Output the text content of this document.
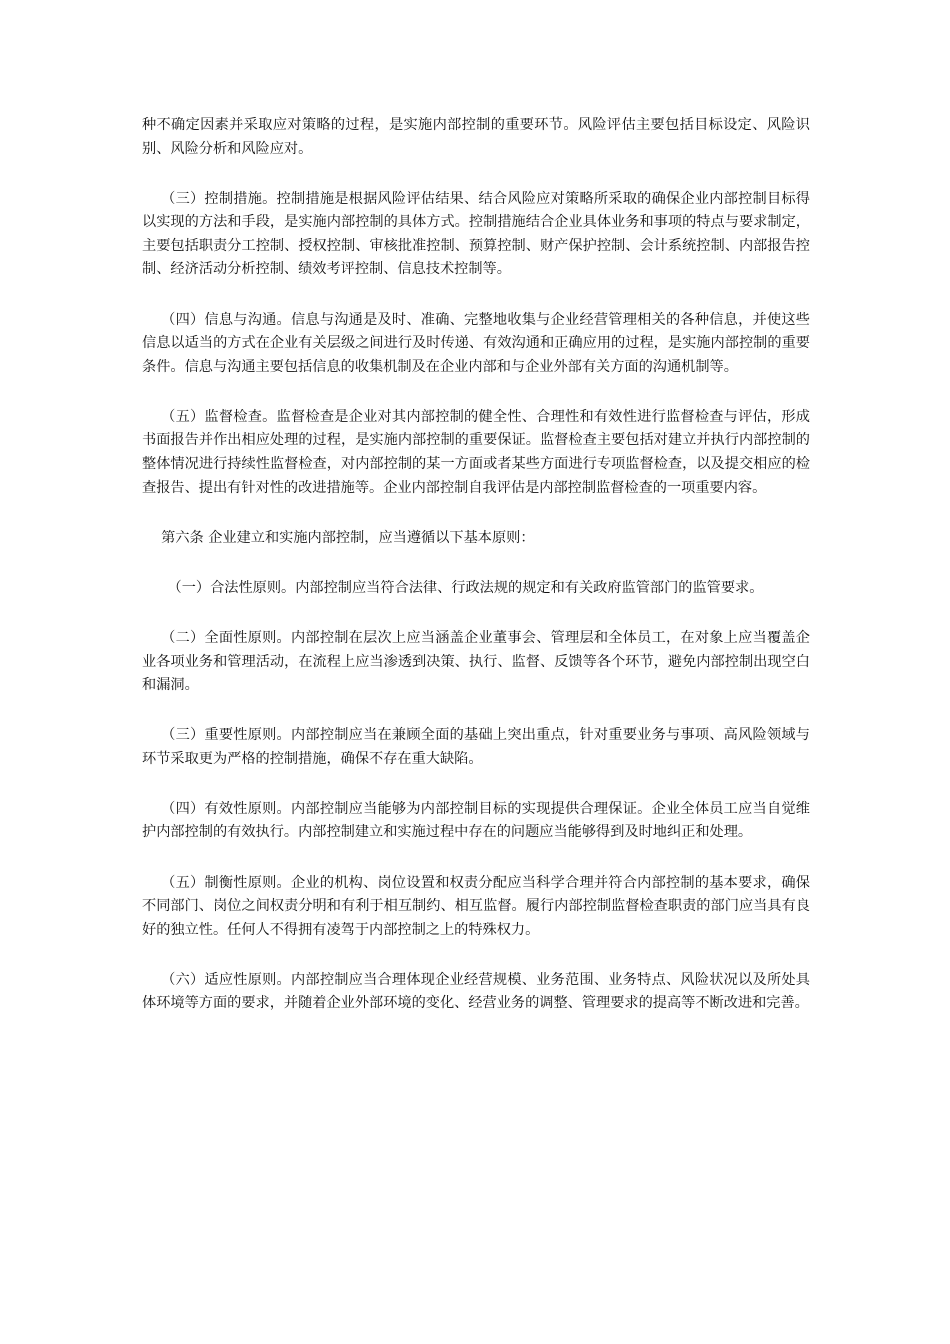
种不确定因素并采取应对策略的过程，是实施内部控制的重要环节。风险评估主要包括目标设定、风险识别、风险分析和风险应对。

（三）控制措施。控制措施是根据风险评估结果、结合风险应对策略所采取的确保企业内部控制目标得以实现的方法和手段，是实施内部控制的具体方式。控制措施结合企业具体业务和事项的特点与要求制定，主要包括职责分工控制、授权控制、审核批准控制、预算控制、财产保护控制、会计系统控制、内部报告控制、经济活动分析控制、绩效考评控制、信息技术控制等。

（四）信息与沟通。信息与沟通是及时、准确、完整地收集与企业经营管理相关的各种信息，并使这些信息以适当的方式在企业有关层级之间进行及时传递、有效沟通和正确应用的过程，是实施内部控制的重要条件。信息与沟通主要包括信息的收集机制及在企业内部和与企业外部有关方面的沟通机制等。

（五）监督检查。监督检查是企业对其内部控制的健全性、合理性和有效性进行监督检查与评估，形成书面报告并作出相应处理的过程，是实施内部控制的重要保证。监督检查主要包括对建立并执行内部控制的整体情况进行持续性监督检查，对内部控制的某一方面或者某些方面进行专项监督检查，以及提交相应的检查报告、提出有针对性的改进措施等。企业内部控制自我评估是内部控制监督检查的一项重要内容。

第六条 企业建立和实施内部控制，应当遵循以下基本原则：

（一）合法性原则。内部控制应当符合法律、行政法规的规定和有关政府监管部门的监管要求。

（二）全面性原则。内部控制在层次上应当涵盖企业董事会、管理层和全体员工，在对象上应当覆盖企业各项业务和管理活动，在流程上应当渗透到决策、执行、监督、反馈等各个环节，避免内部控制出现空白和漏洞。

（三）重要性原则。内部控制应当在兼顾全面的基础上突出重点，针对重要业务与事项、高风险领域与环节采取更为严格的控制措施，确保不存在重大缺陷。

（四）有效性原则。内部控制应当能够为内部控制目标的实现提供合理保证。企业全体员工应当自觉维护内部控制的有效执行。内部控制建立和实施过程中存在的问题应当能够得到及时地纠正和处理。

（五）制衡性原则。企业的机构、岗位设置和权责分配应当科学合理并符合内部控制的基本要求，确保不同部门、岗位之间权责分明和有利于相互制约、相互监督。履行内部控制监督检查职责的部门应当具有良好的独立性。任何人不得拥有凌驾于内部控制之上的特殊权力。

（六）适应性原则。内部控制应当合理体现企业经营规模、业务范围、业务特点、风险状况以及所处具体环境等方面的要求，并随着企业外部环境的变化、经营业务的调整、管理要求的提高等不断改进和完善。
